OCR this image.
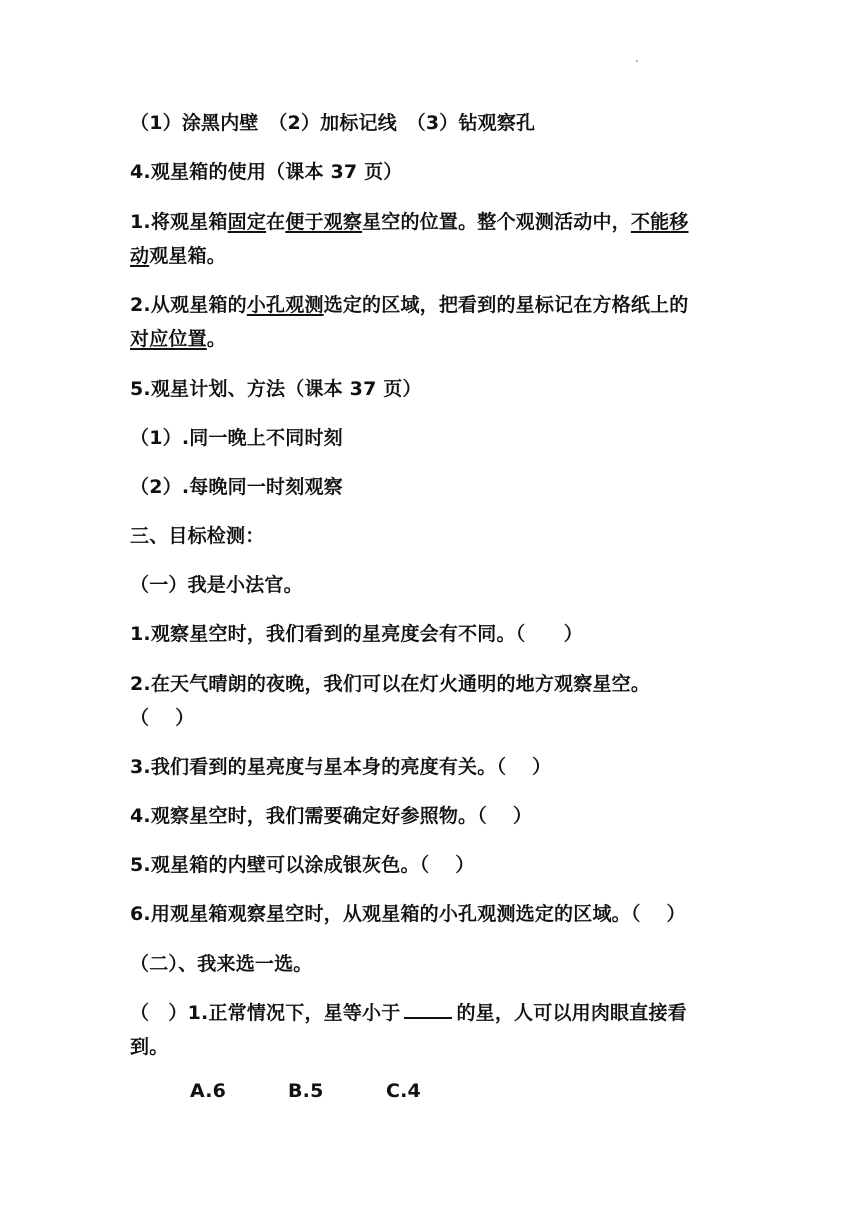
（1）涂黑内壁　（2）加标记线　（3）钻观察孔
4.观星箱的使用（课本 37 页）
1.将观星箱固定在便于观察星空的位置。整个观测活动中，不能移
动观星箱。
2.从观星箱的小孔观测选定的区域，把看到的星标记在方格纸上的
对应位置。
5.观星计划、方法（课本 37 页）
（1）.同一晚上不同时刻
（2）.每晚同一时刻观察
三、目标检测：
（一）我是小法官。
1.观察星空时，我们看到的星亮度会有不同。（　　）
2.在天气晴朗的夜晚，我们可以在灯火通明的地方观察星空。
（　 ）
3.我们看到的星亮度与星本身的亮度有关。（　 ）
4.观察星空时，我们需要确定好参照物。（　 ）
5.观星箱的内壁可以涂成银灰色。（　 ）
6.用观星箱观察星空时，从观星箱的小孔观测选定的区域。（　 ）
（二）、我来选一选。
（　）1.正常情况下，星等小于	的星，人可以用肉眼直接看
到。
A.6	B.5	C.4
